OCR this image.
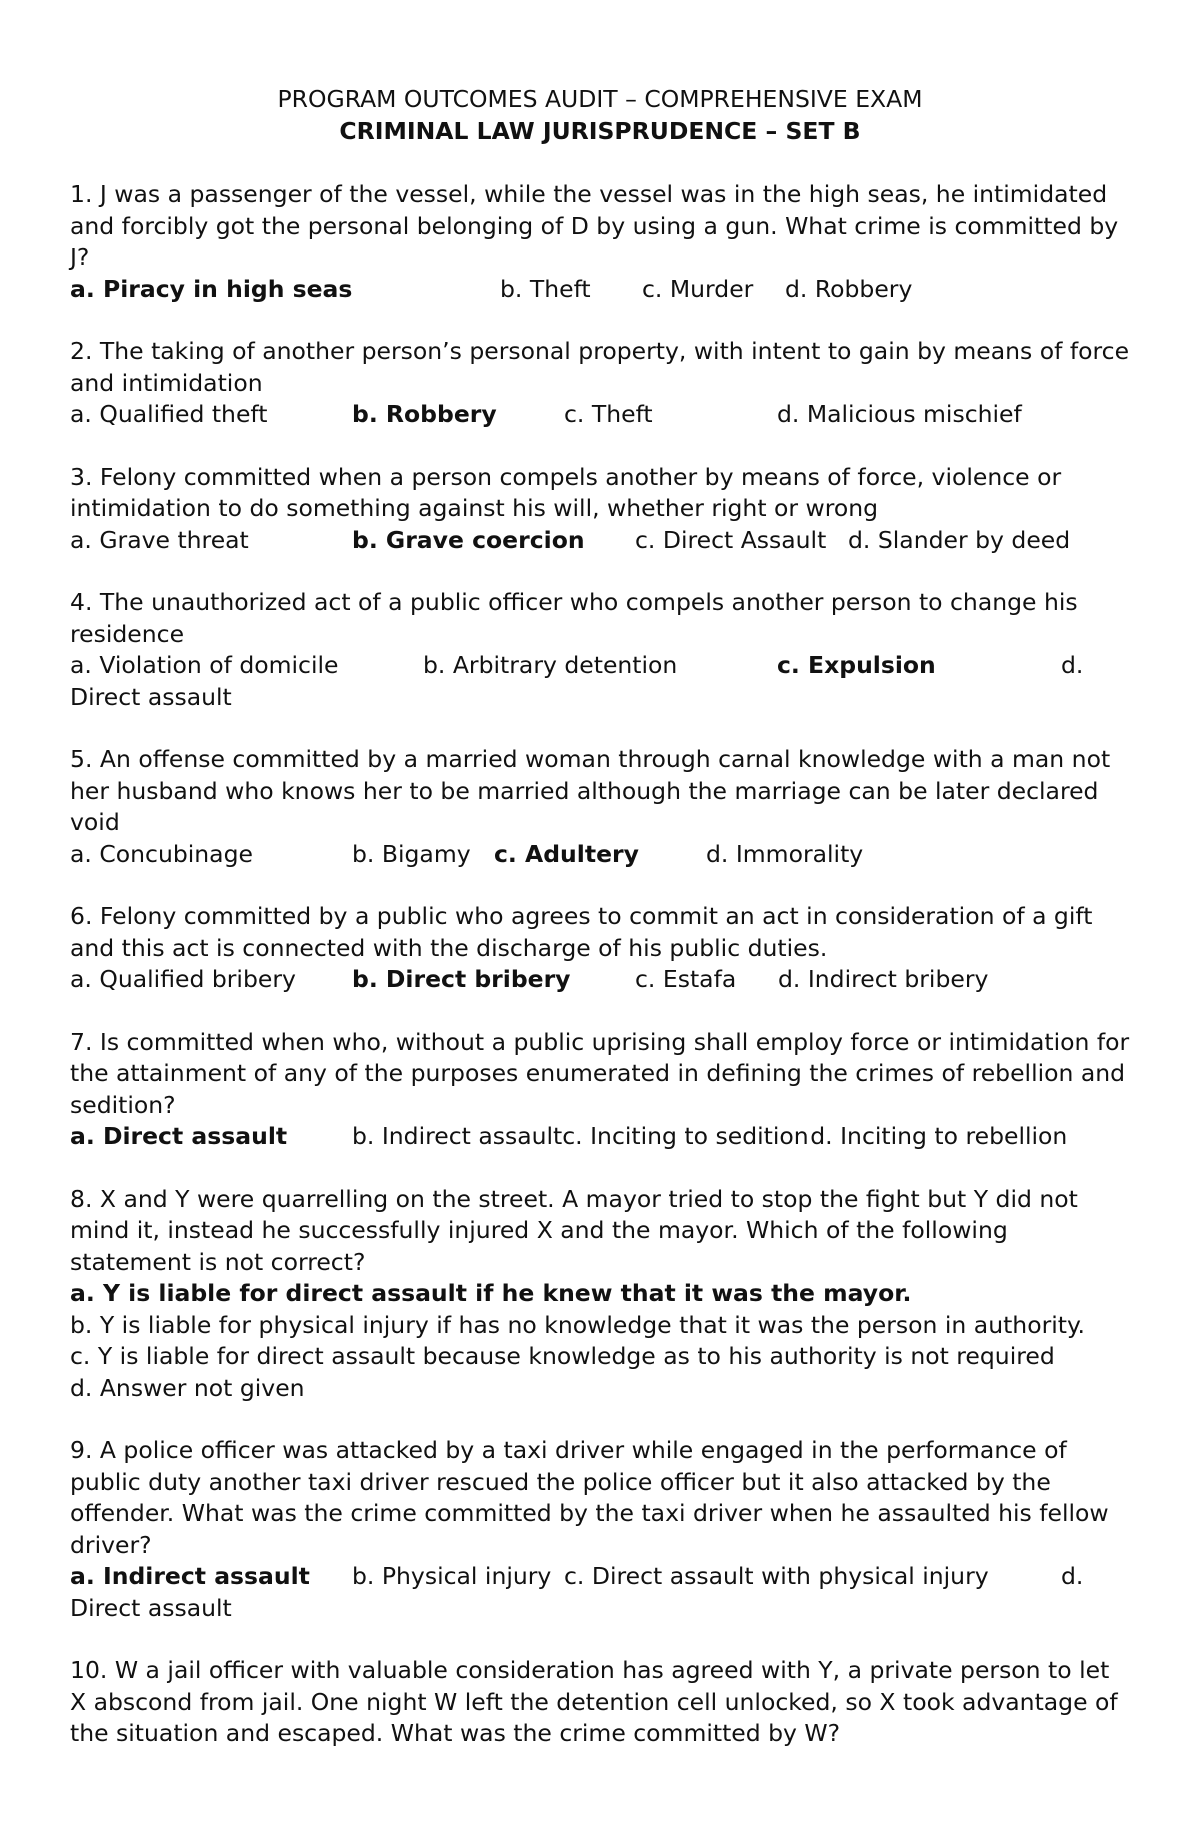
PROGRAM OUTCOMES AUDIT – COMPREHENSIVE EXAM

CRIMINAL LAW JURISPRUDENCE – SET B

1. J was a passenger of the vessel, while the vessel was in the high seas, he intimidated and forcibly got the personal belonging of D by using a gun. What crime is committed by J?

a. Piracy in high seas	b. Theft c. Murder d. Robbery

2. The taking of another person’s personal property, with intent to gain by means of force and intimidation

a. Qualified theft	b. Robbery	c. Theft	d. Malicious mischief

3. Felony committed when a person compels another by means of force, violence or intimidation to do something against his will, whether right or wrong

a. Grave threat	b. Grave coercion c. Direct Assault d. Slander by deed

4. The unauthorized act of a public officer who compels another person to change his residence

a. Violation of domicile	b. Arbitrary detention	c. Expulsion	d.
Direct assault

5. An offense committed by a married woman through carnal knowledge with a man not her husband who knows her to be married although the marriage can be later declared void

a. Concubinage	b. Bigamy c. Adultery	d. Immorality

6. Felony committed by a public who agrees to commit an act in consideration of a gift and this act is connected with the discharge of his public duties.

a. Qualified bribery b. Direct bribery	c. Estafa d. Indirect bribery

7. Is committed when who, without a public uprising shall employ force or intimidation for the attainment of any of the purposes enumerated in defining the crimes of rebellion and sedition?

a. Direct assault	b. Indirect assaultc. Inciting to seditiond. Inciting to rebellion

8. X and Y were quarrelling on the street. A mayor tried to stop the fight but Y did not mind it, instead he successfully injured X and the mayor. Which of the following statement is not correct?

a. Y is liable for direct assault if he knew that it was the mayor.
b. Y is liable for physical injury if has no knowledge that it was the person in authority.
c. Y is liable for direct assault because knowledge as to his authority is not required
d. Answer not given

9. A police officer was attacked by a taxi driver while engaged in the performance of public duty another taxi driver rescued the police officer but it also attacked by the offender. What was the crime committed by the taxi driver when he assaulted his fellow driver?

a. Indirect assault b. Physical injury c. Direct assault with physical injury	d.
Direct assault

10. W a jail officer with valuable consideration has agreed with Y, a private person to let X abscond from jail. One night W left the detention cell unlocked, so X took advantage of the situation and escaped. What was the crime committed by W?
